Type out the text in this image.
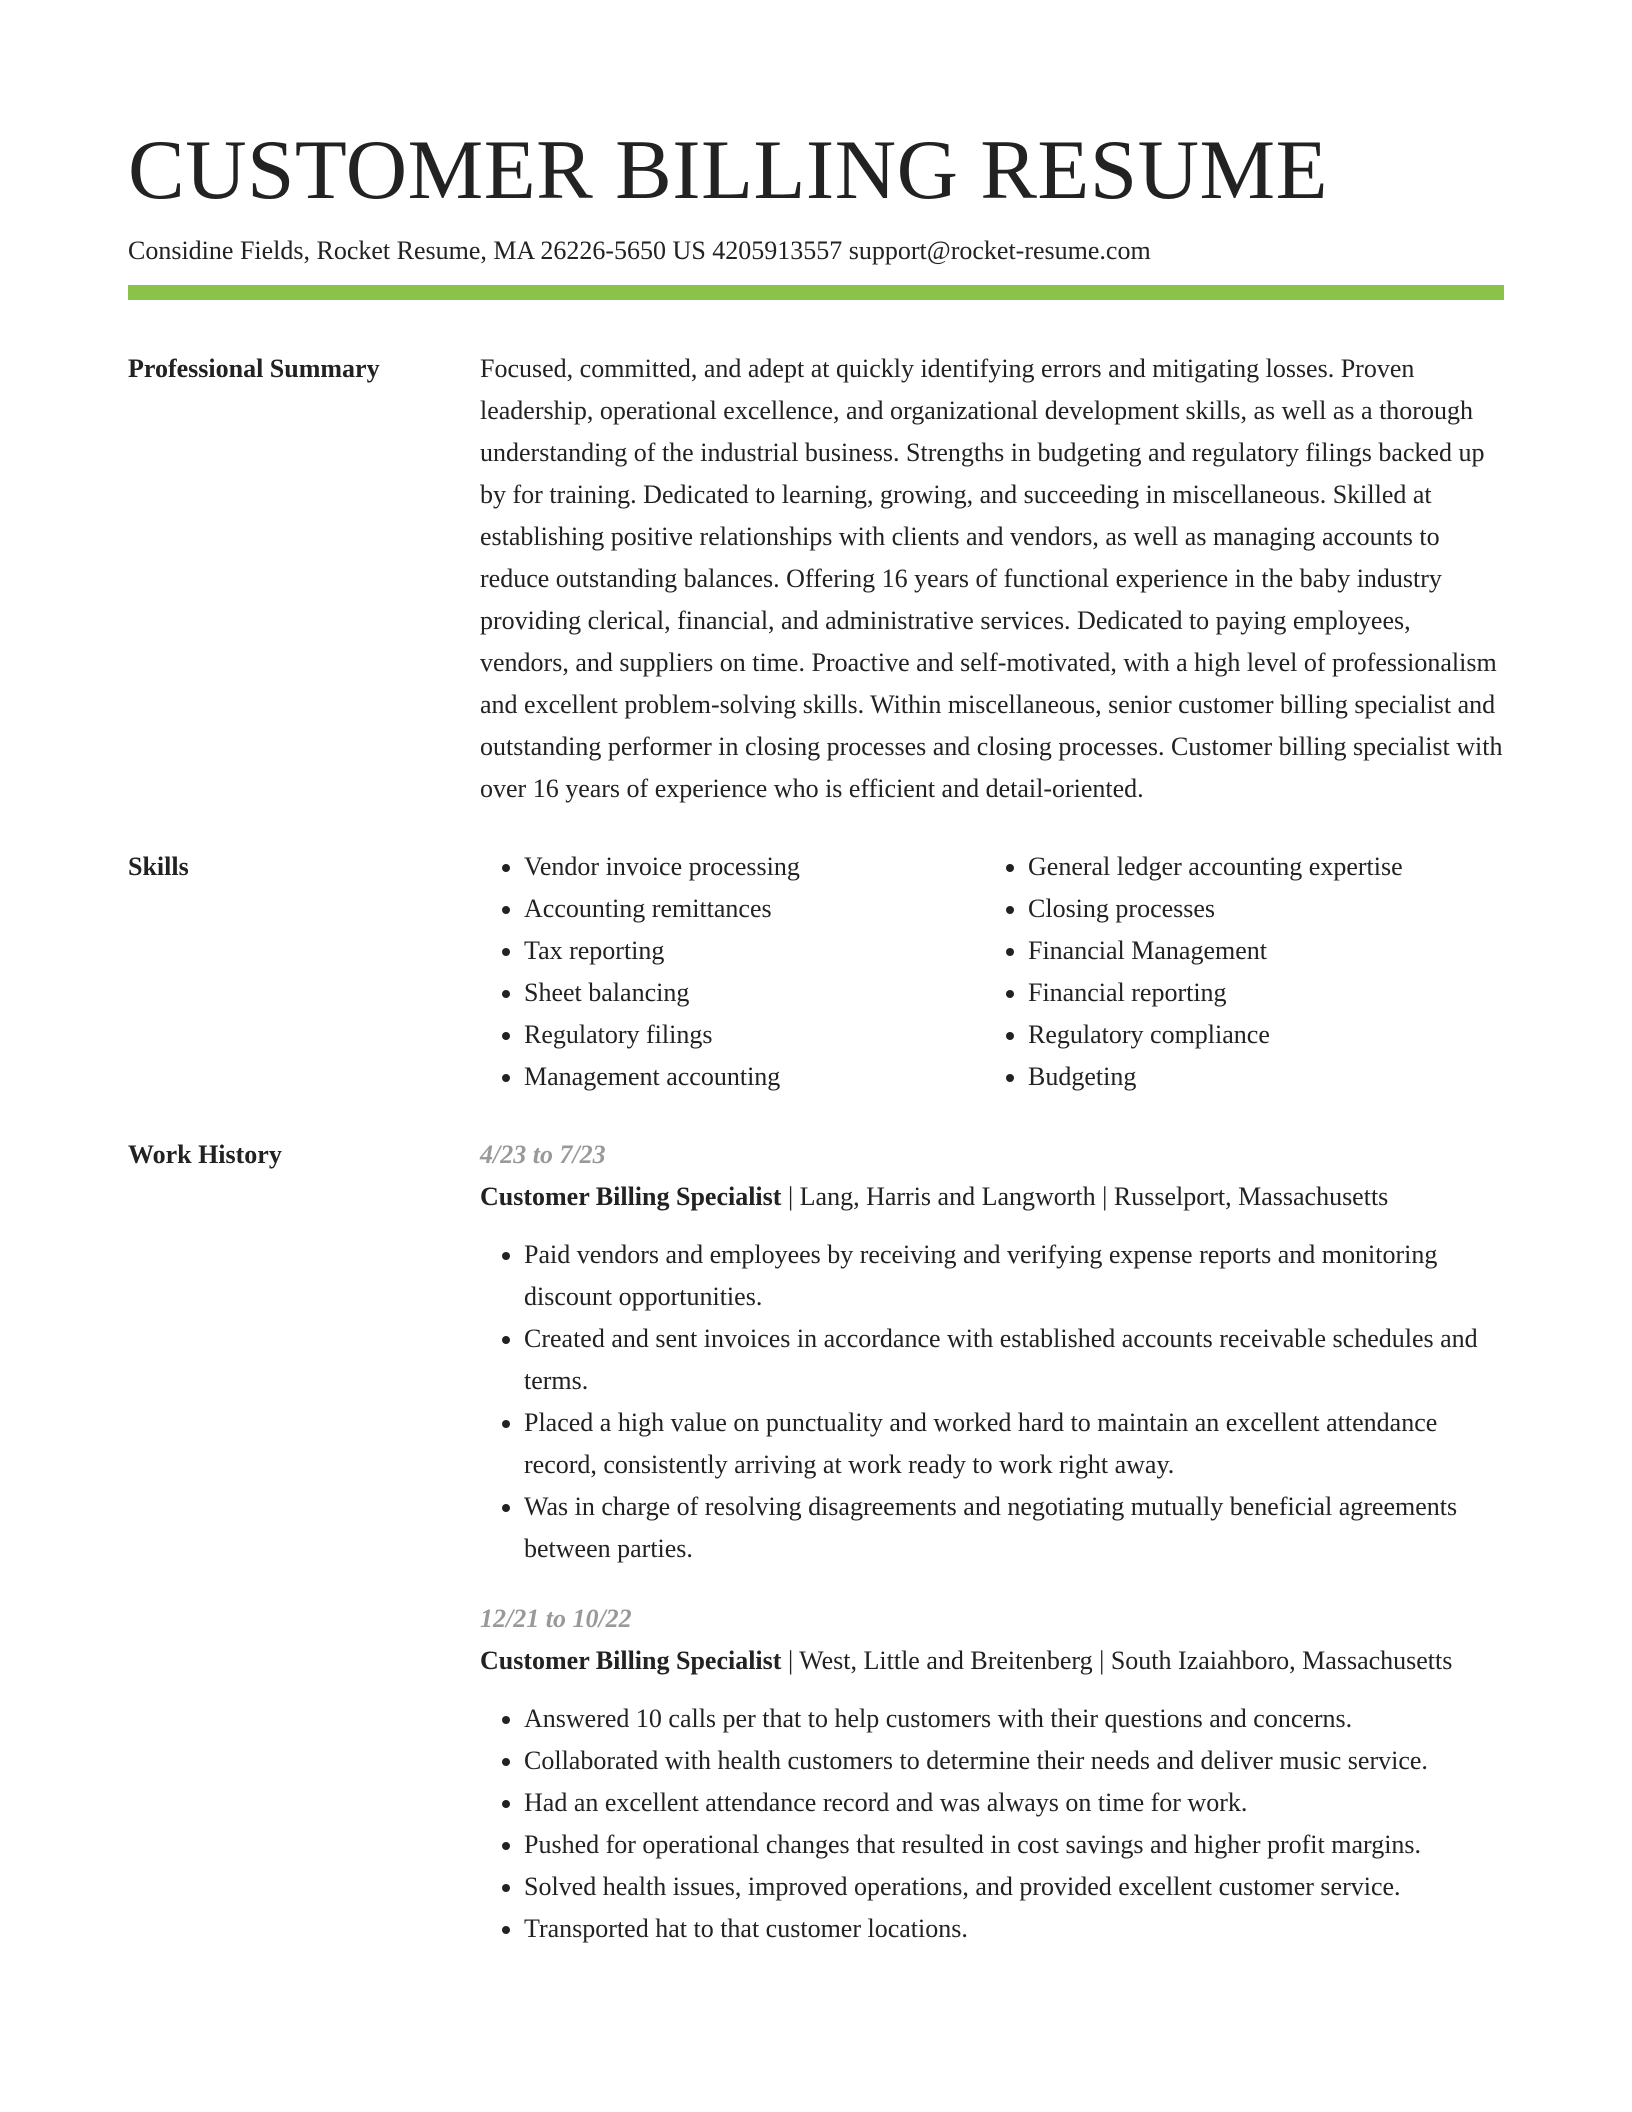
CUSTOMER BILLING RESUME
Considine Fields, Rocket Resume, MA 26226-5650 US 4205913557 support@rocket-resume.com
Professional Summary	Focused, committed, and adept at quickly identifying errors and mitigating losses. Proven leadership, operational excellence, and organizational development skills, as well as a thorough understanding of the industrial business. Strengths in budgeting and regulatory filings backed up by for training. Dedicated to learning, growing, and succeeding in miscellaneous. Skilled at establishing positive relationships with clients and vendors, as well as managing accounts to reduce outstanding balances. Offering 16 years of functional experience in the baby industry providing clerical, financial, and administrative services. Dedicated to paying employees, vendors, and suppliers on time. Proactive and self-motivated, with a high level of professionalism and excellent problem-solving skills. Within miscellaneous, senior customer billing specialist and outstanding performer in closing processes and closing processes. Customer billing specialist with over 16 years of experience who is efficient and detail-oriented.

Skills
•	Vendor invoice processing
• Accounting remittances
• Tax reporting
• Sheet balancing
• Regulatory filings
• Management accounting
• General ledger accounting expertise
• Closing processes
• Financial Management
• Financial reporting
• Regulatory compliance
• Budgeting
Work History	4/23 to 7/23
Customer Billing Specialist | Lang, Harris and Langworth | Russelport, Massachusetts
• Paid vendors and employees by receiving and verifying expense reports and monitoring discount opportunities.
• Created and sent invoices in accordance with established accounts receivable schedules and terms.
• Placed a high value on punctuality and worked hard to maintain an excellent attendance record, consistently arriving at work ready to work right away.
• Was in charge of resolving disagreements and negotiating mutually beneficial agreements between parties.
12/21 to 10/22
Customer Billing Specialist | West, Little and Breitenberg | South Izaiahboro, Massachusetts
• Answered 10 calls per that to help customers with their questions and concerns.
• Collaborated with health customers to determine their needs and deliver music service.
• Had an excellent attendance record and was always on time for work.
• Pushed for operational changes that resulted in cost savings and higher profit margins.
• Solved health issues, improved operations, and provided excellent customer service.
• Transported hat to that customer locations.
